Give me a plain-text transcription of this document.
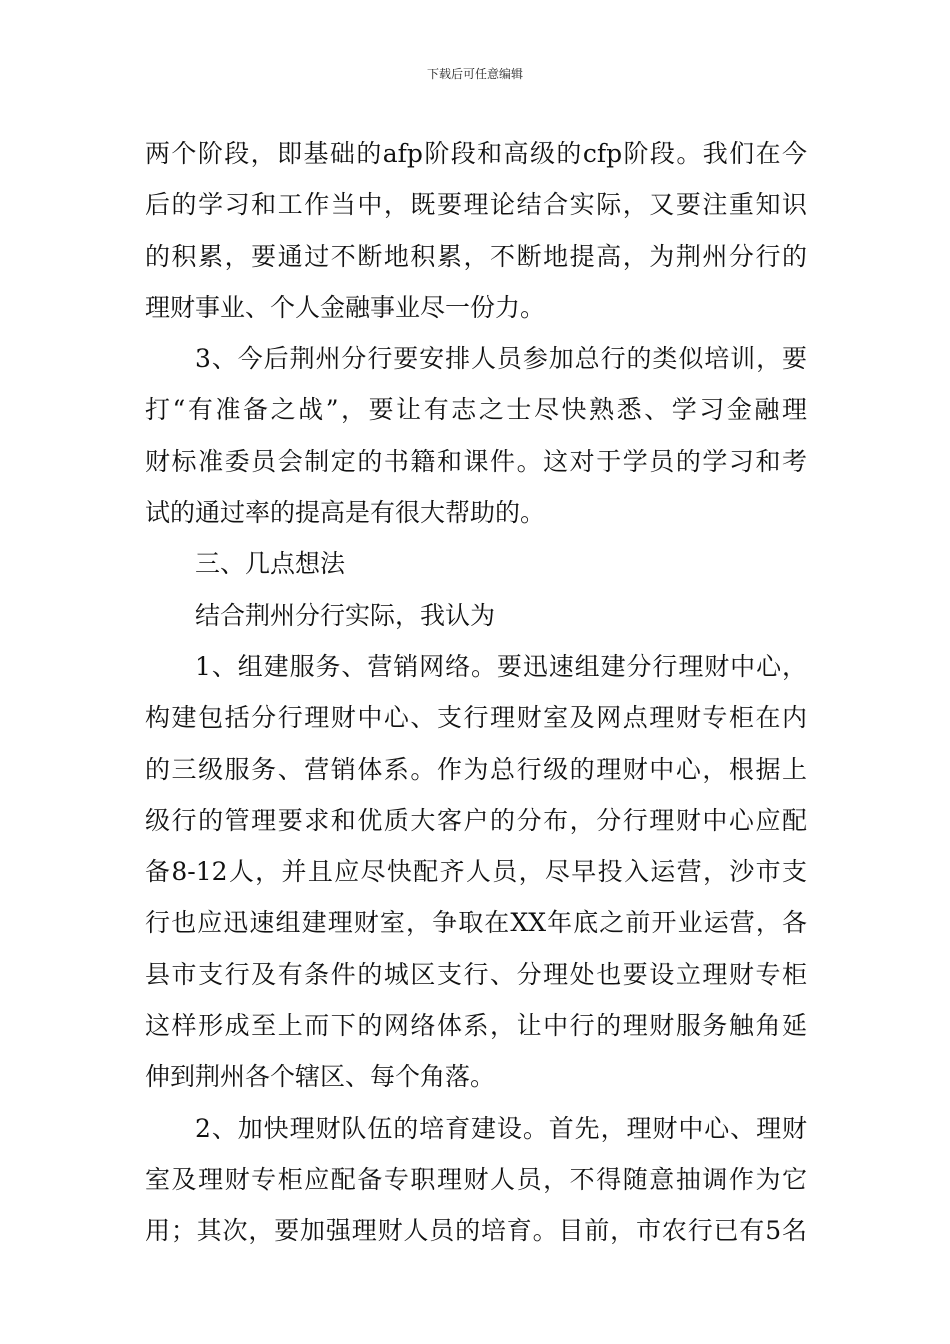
下载后可任意编辑
两个阶段，即基础的afp阶段和高级的cfp阶段。我们在今
后的学习和工作当中，既要理论结合实际，又要注重知识
的积累，要通过不断地积累，不断地提高，为荆州分行的
理财事业、个人金融事业尽一份力。
3、今后荆州分行要安排人员参加总行的类似培训，要
打“有准备之战”，要让有志之士尽快熟悉、学习金融理
财标准委员会制定的书籍和课件。这对于学员的学习和考
试的通过率的提高是有很大帮助的。
三、几点想法
结合荆州分行实际，我认为
1、组建服务、营销网络。要迅速组建分行理财中心，
构建包括分行理财中心、支行理财室及网点理财专柜在内
的三级服务、营销体系。作为总行级的理财中心，根据上
级行的管理要求和优质大客户的分布，分行理财中心应配
备8-12人，并且应尽快配齐人员，尽早投入运营，沙市支
行也应迅速组建理财室，争取在XX年底之前开业运营，各
县市支行及有条件的城区支行、分理处也要设立理财专柜
这样形成至上而下的网络体系，让中行的理财服务触角延
伸到荆州各个辖区、每个角落。
2、加快理财队伍的培育建设。首先，理财中心、理财
室及理财专柜应配备专职理财人员，不得随意抽调作为它
用；其次，要加强理财人员的培育。目前，市农行已有5名
